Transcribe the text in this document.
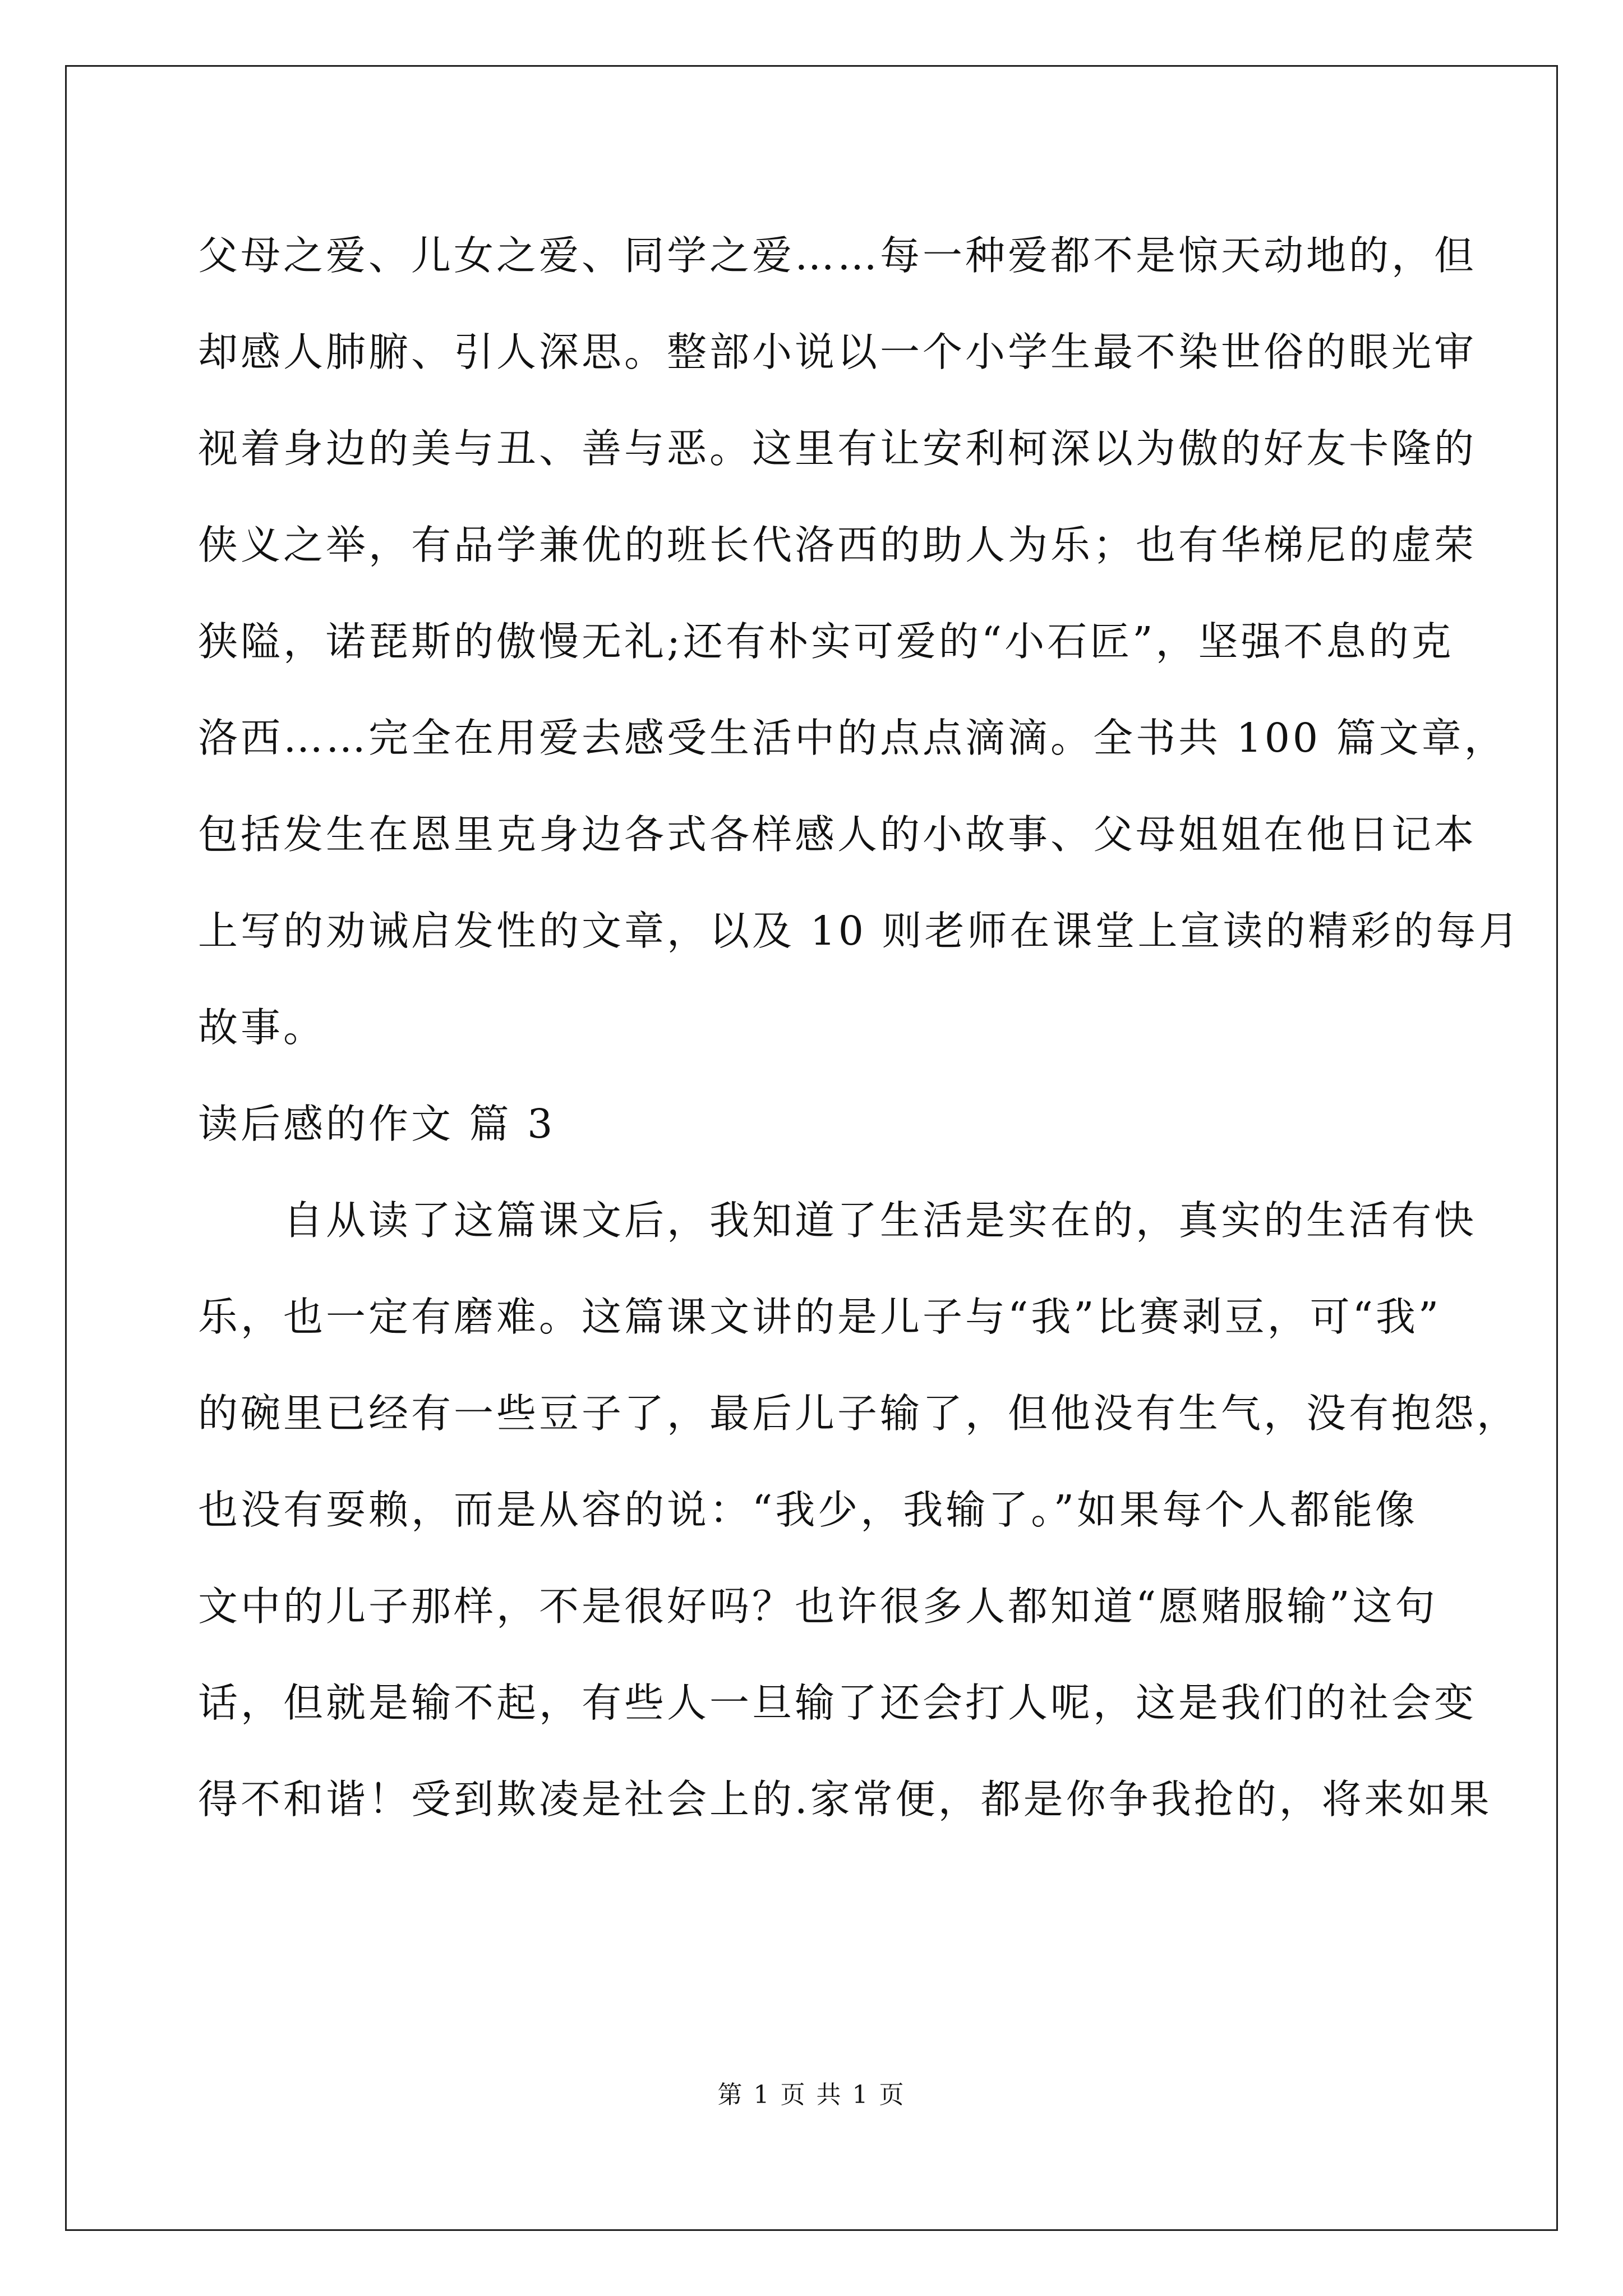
父母之爱、儿女之爱、同学之爱……每一种爱都不是惊天动地的，但
却感人肺腑、引人深思。整部小说以一个小学生最不染世俗的眼光审
视着身边的美与丑、善与恶。这里有让安利柯深以为傲的好友卡隆的
侠义之举，有品学兼优的班长代洛西的助人为乐；也有华梯尼的虚荣
狭隘，诺琵斯的傲慢无礼;还有朴实可爱的“小石匠”，坚强不息的克
洛西……完全在用爱去感受生活中的点点滴滴。全书共 100 篇文章，
包括发生在恩里克身边各式各样感人的小故事、父母姐姐在他日记本
上写的劝诫启发性的文章，以及 10 则老师在课堂上宣读的精彩的每月
故事。
读后感的作文 篇 3
自从读了这篇课文后，我知道了生活是实在的，真实的生活有快
乐，也一定有磨难。这篇课文讲的是儿子与“我”比赛剥豆，可“我”
的碗里已经有一些豆子了，最后儿子输了，但他没有生气，没有抱怨，
也没有耍赖，而是从容的说：“我少，我输了。”如果每个人都能像
文中的儿子那样，不是很好吗？也许很多人都知道“愿赌服输”这句
话，但就是输不起，有些人一旦输了还会打人呢，这是我们的社会变
得不和谐！受到欺凌是社会上的.家常便，都是你争我抢的，将来如果
第 1 页 共 1 页
